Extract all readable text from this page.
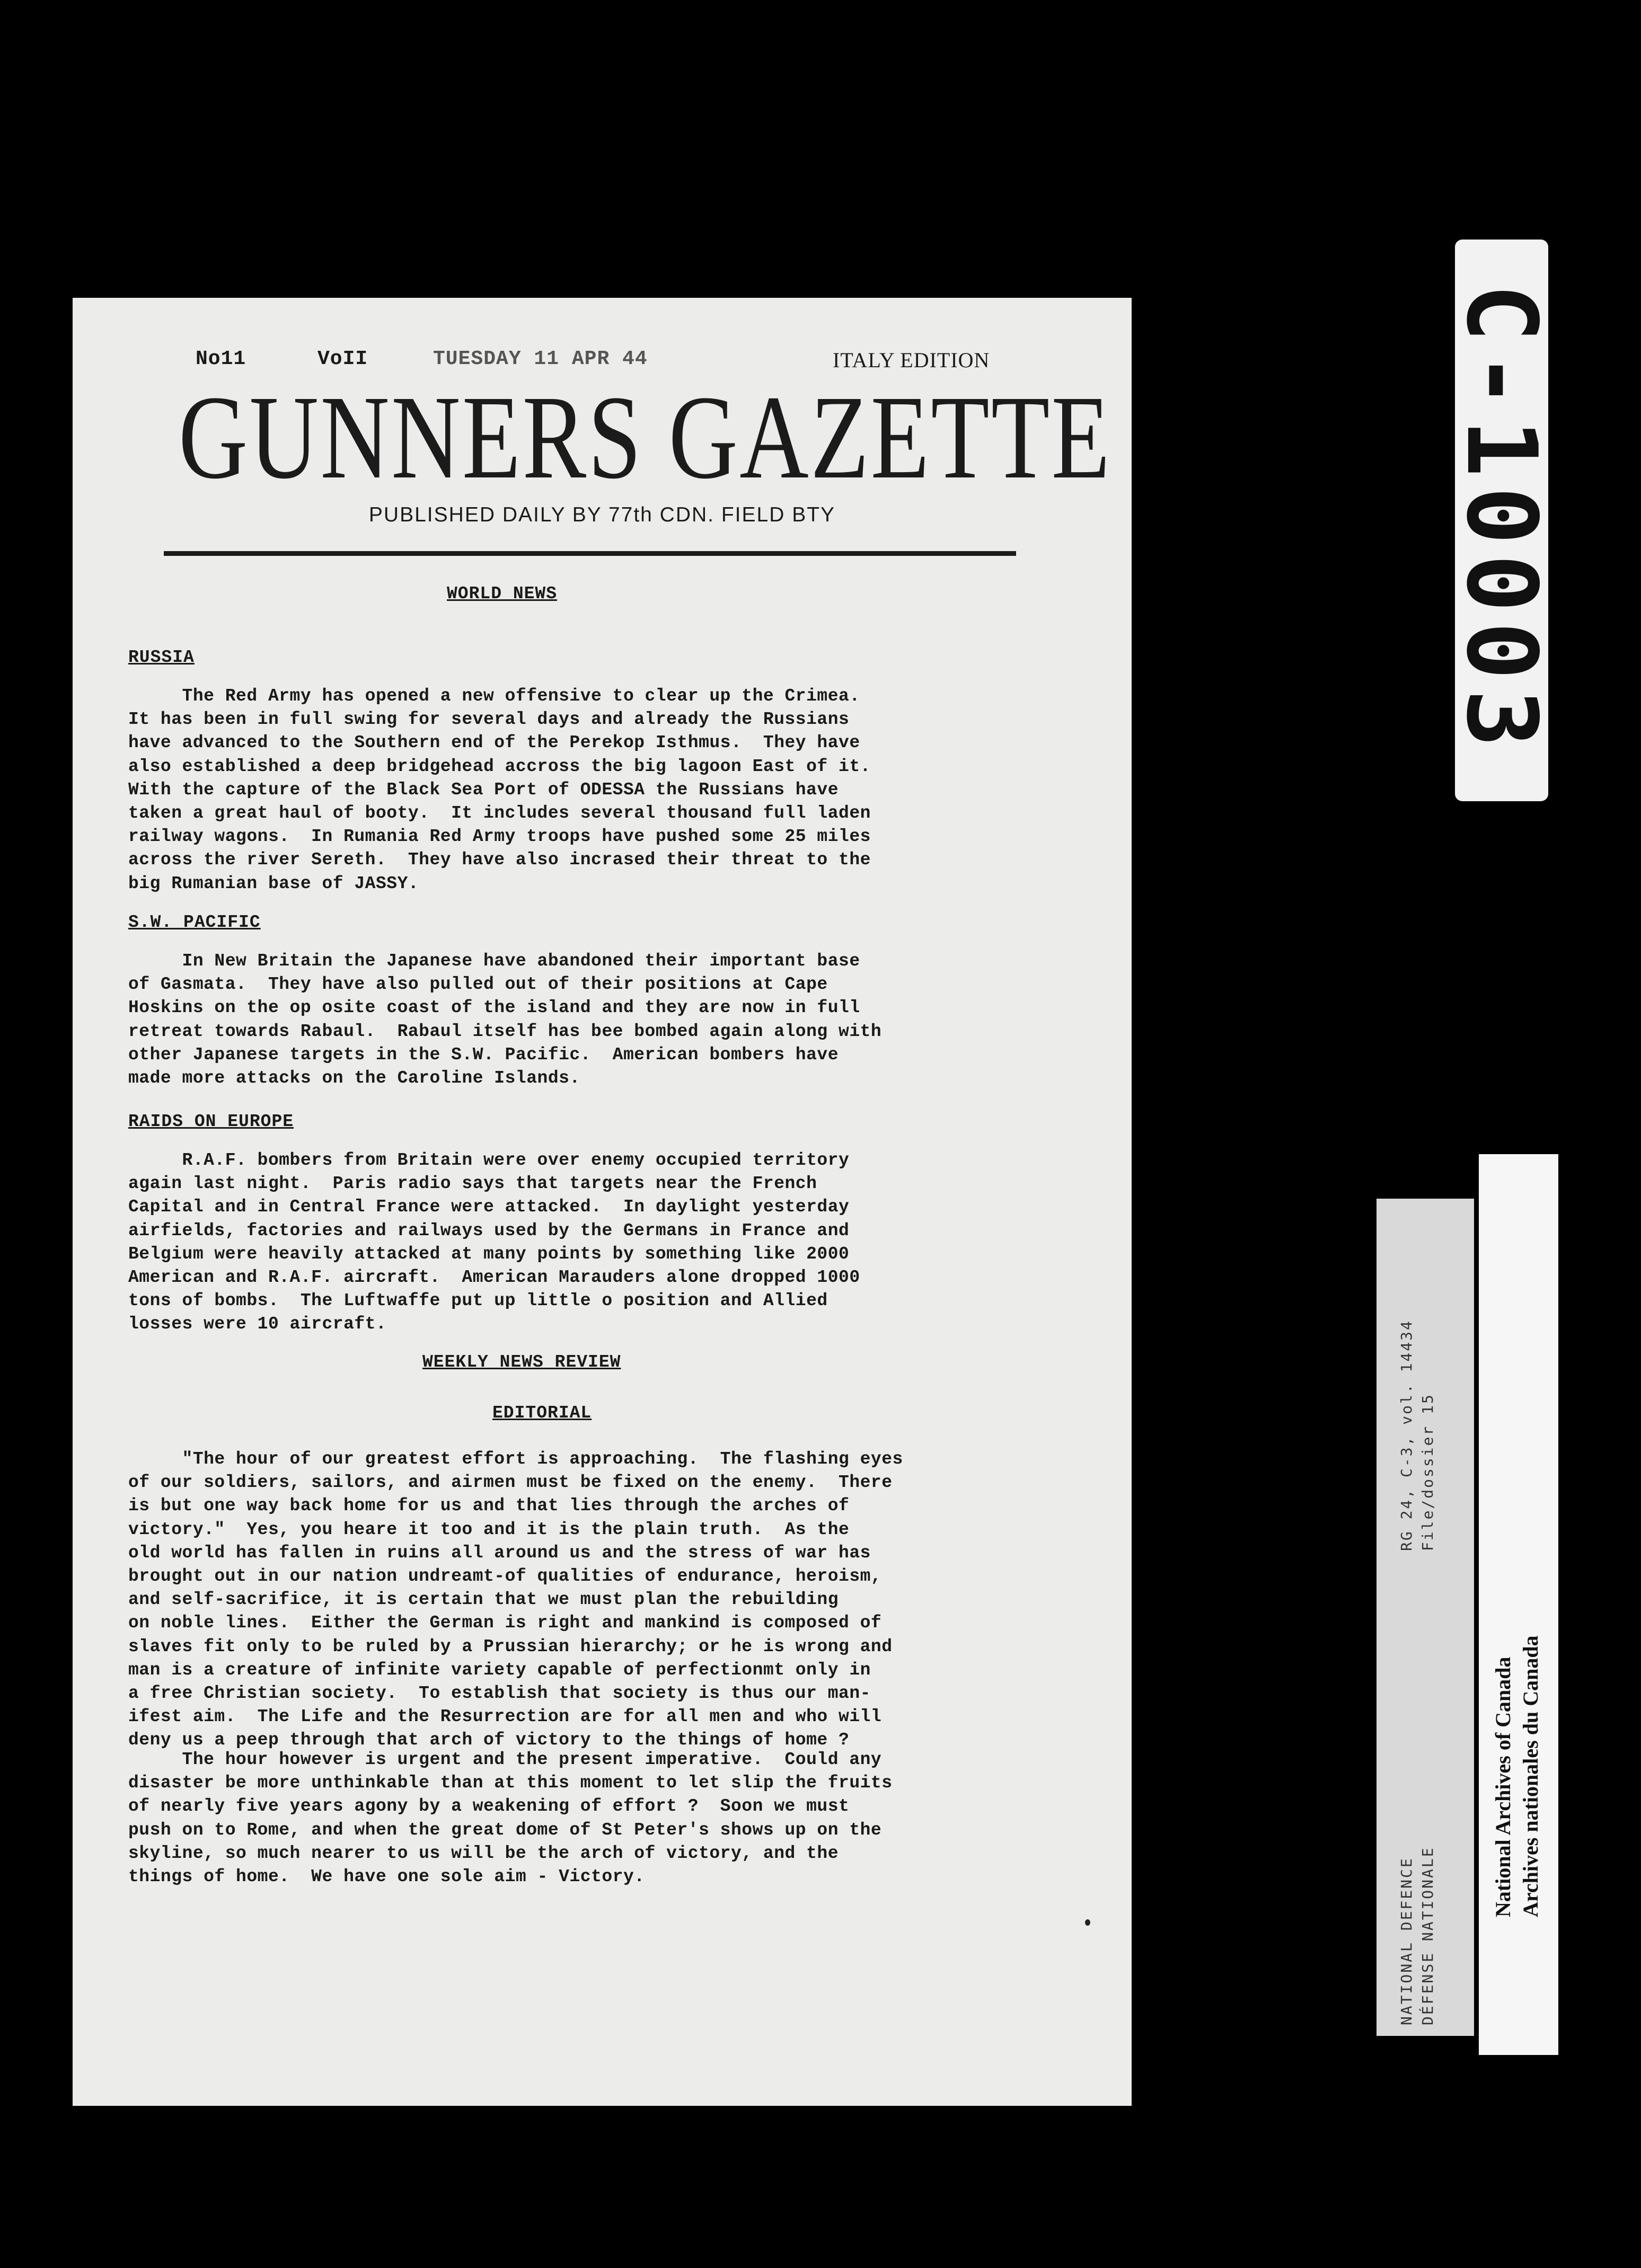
No11	VoII	TUESDAY 11 APR 44	ITALY EDITION
GUNNERS GAZETTE
PUBLISHED DAILY BY 77th CDN. FIELD BTY
WORLD NEWS
RUSSIA
The Red Army has opened a new offensive to clear up the Crimea.
It has been in full swing for several days and already the Russians
have advanced to the Southern end of the Perekop Isthmus.  They have
also established a deep bridgehead accross the big lagoon East of it.
With the capture of the Black Sea Port of ODESSA the Russians have
taken a great haul of booty.  It includes several thousand full laden
railway wagons.  In Rumania Red Army troops have pushed some 25 miles
across the river Sereth.  They have also incrased their threat to the
big Rumanian base of JASSY.
S.W. PACIFIC
In New Britain the Japanese have abandoned their important base
of Gasmata.  They have also pulled out of their positions at Cape
Hoskins on the op osite coast of the island and they are now in full
retreat towards Rabaul.  Rabaul itself has bee bombed again along with
other Japanese targets in the S.W. Pacific.  American bombers have
made more attacks on the Caroline Islands.
RAIDS ON EUROPE
R.A.F. bombers from Britain were over enemy occupied territory
again last night.  Paris radio says that targets near the French
Capital and in Central France were attacked.  In daylight yesterday
airfields, factories and railways used by the Germans in France and
Belgium were heavily attacked at many points by something like 2000
American and R.A.F. aircraft.  American Marauders alone dropped 1000
tons of bombs.  The Luftwaffe put up little o position and Allied
losses were 10 aircraft.
WEEKLY NEWS REVIEW
EDITORIAL
"The hour of our greatest effort is approaching.  The flashing eyes
of our soldiers, sailors, and airmen must be fixed on the enemy.  There
is but one way back home for us and that lies through the arches of
victory."  Yes, you heare it too and it is the plain truth.  As the
old world has fallen in ruins all around us and the stress of war has
brought out in our nation undreamt-of qualities of endurance, heroism,
and self-sacrifice, it is certain that we must plan the rebuilding
on noble lines.  Either the German is right and mankind is composed of
slaves fit only to be ruled by a Prussian hierarchy; or he is wrong and
man is a creature of infinite variety capable of perfectionmt only in
a free Christian society.  To establish that society is thus our man-
ifest aim.  The Life and the Resurrection are for all men and who will
deny us a peep through that arch of victory to the things of home ?
The hour however is urgent and the present imperative.  Could any
disaster be more unthinkable than at this moment to let slip the fruits
of nearly five years agony by a weakening of effort ?  Soon we must
push on to Rome, and when the great dome of St Peter's shows up on the
skyline, so much nearer to us will be the arch of victory, and the
things of home.  We have one sole aim - Victory.
C-10003
RG 24, C-3, vol. 14434 File/dossier 15
NATIONAL DEFENCE DÉFENSE NATIONALE
National Archives of Canada Archives nationales du Canada
